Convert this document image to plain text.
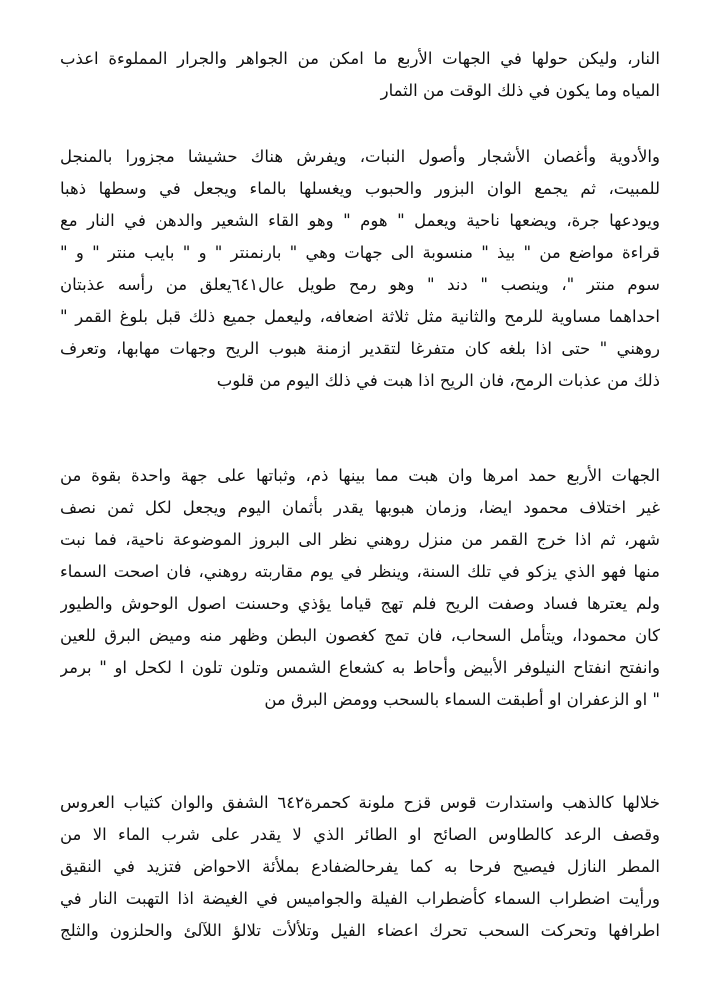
النار، وليكن حولها في الجهات الأربع ما امكن من الجواهر والجرار المملوءة اعذب
المياه وما يكون في ذلك الوقت من الثمار
والأدوية وأغصان الأشجار وأصول النبات، ويفرش هناك حشيشا مجزورا بالمنجل
للمبيت، ثم يجمع الوان البزور والحبوب ويغسلها بالماء ويجعل في وسطها ذهبا
ويودعها جرة، ويضعها ناحية ويعمل " هوم " وهو القاء الشعير والدهن في النار مع
قراءة مواضع من " بيذ " منسوبة الى جهات وهي " بارنمنتر " و " بايب منتر " و "
سوم منتر "، وينصب " دند " وهو رمح طويل عال٦٤١يعلق من رأسه عذبتان
احداهما مساوية للرمح والثانية مثل ثلاثة اضعافه، وليعمل جميع ذلك قبل بلوغ القمر "
روهني " حتى اذا بلغه كان متفرغا لتقدير ازمنة هبوب الريح وجهات مهابها، وتعرف
ذلك من عذبات الرمح، فان الريح اذا هبت في ذلك اليوم من قلوب
الجهات الأربع حمد امرها وان هبت مما بينها ذم، وثباتها على جهة واحدة بقوة من
غير اختلاف محمود ايضا، وزمان هبوبها يقدر بأثمان اليوم ويجعل لكل ثمن نصف
شهر، ثم اذا خرج القمر من منزل روهني نظر الى البروز الموضوعة ناحية، فما نبت
منها فهو الذي يزكو في تلك السنة، وينظر في يوم مقاربته روهني، فان اصحت السماء
ولم يعترها فساد وصفت الريح فلم تهج قياما يؤذي وحسنت اصول الوحوش والطيور
كان محمودا، ويتأمل السحاب، فان تمج كغصون البطن وظهر منه وميض البرق للعين
وانفتح انفتاح النيلوفر الأبيض وأحاط به كشعاع الشمس وتلون تلون ا لكحل او " برمر
" او الزعفران او أطبقت السماء بالسحب وومض البرق من
خلالها كالذهب واستدارت قوس قزح ملونة كحمرة٦٤٢ الشفق والوان كثياب العروس
وقصف الرعد كالطاوس الصائح او الطائر الذي لا يقدر على شرب الماء الا من
المطر النازل فيصيح فرحا به كما يفرحالضفادع بملأئة الاحواض فتزيد في النقيق
ورأيت اضطراب السماء كأضطراب الفيلة والجواميس في الغيضة اذا التهبت النار في
اطرافها وتحركت السحب تحرك اعضاء الفيل وتلألأت تلالؤ اللآلئ والحلزون والثلج
